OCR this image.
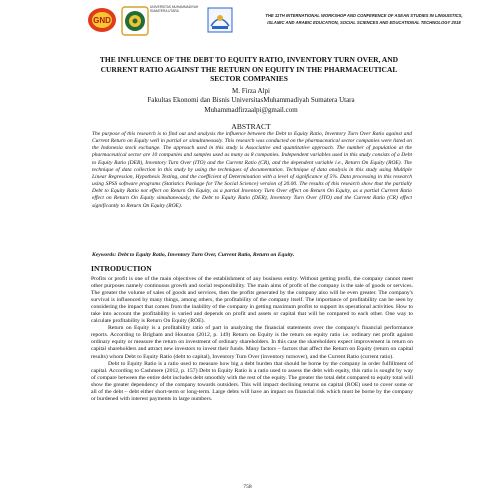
GND
UNIVERSITAS MUHAMMADIYAH SUMATERA UTARA
THE 11TH INTERNATIONAL WORKSHOP AND CONFERENCE OF ASEAN STUDIES IN LINGUISTICS,
ISLAMIC AND ARABIC EDUCATION, SOCIAL SCIENCES AND EDUCATIONAL TECHNOLOGY 2018
THE INFLUENCE OF THE DEBT TO EQUITY RATIO, INVENTORY TURN OVER, AND CURRENT RATIO AGAINST THE RETURN ON EQUITY IN THE PHARMACEUTICAL SECTOR COMPANIES
M. Firza Alpi
Fakultas Ekonomi dan Bisnis UniversitasMuhammadiyah Sumatera Utara
Muhammadfirzaalpi@gmail.com
ABSTRACT
The purpose of this research is to find out and analysis the influence between the Debt to Equity Ratio, Inventory Turn Over Ratio against and Current Return on Equity well in partial or simultaneously. This research was conducted on the pharmaceutical sector companies were listed on the Indonesia stock exchange. The approach used in this study is Associative and quantitative approach. The number of population at the pharmaceutical sector are 10 companies and samples used as many as 8 companies. Independent variables used in this study consists of a Debt to Equity Ratio (DER), Inventory Turn Over (ITO) and the Current Ratio (CR), and the dependent variable i.e., Return On Equity (ROE). The technique of data collection in this study by using the techniques of documentation. Technique of data analysis in this study using Multiple Linear Regression, Hypothesis Testing, and the coefficient of Determination with a level of significance of 5%. Data processing in this research using SPSS software programs (Statistics Package for The Social Science) version of 20.00. The results of this research show that the partially Debt to Equity Ratio not effect on Return On Equity, as a partial Inventory Turn Over effect on Return On Equity, as a partial Current Ratio effect on Return On Equity simultaneously, the Debt to Equity Ratio (DER), Inventory Turn Over (ITO) and the Current Ratio (CR) effect significantly to Return On Equity (ROE).
Keywords: Debt to Equity Ratio, Inventory Turn Over, Current Ratio, Return on Equity.
INTRODUCTION

Profits or profit is one of the main objectives of the establishment of any business entity. Without getting profit, the company cannot meet other purposes namely continuous growth and social responsibility. The main aims of profit of the company is the sale of goods or services. The greater the volume of sales of goods and services, then the profits generated by the company also will be even greater. The company's survival is influenced by many things, among others, the profitability of the company itself. The importance of profitability can be seen by considering the impact that comes from the inability of the company in getting maximum profits to support its operational activities. How to take into account the profitability is varied and depends on profit and assets or capital that will be compared to each other. One way to calculate profitability is Return On Equity (ROE).

Return on Equity is a profitability ratio of part in analyzing the financial statements over the company's financial performance reports. According to Brigham and Houston (2012, p. 149) Return on Equity is the return on equity ratio i.e. ordinary net profit against ordinary equity or measure the return on investment of ordinary shareholders. In this case the shareholders expect improvement in return on capital shareholders and attract new investors to invest their funds. Many factors – factors that affect the Return on Equity (return on capital results) whom Debt to Equity Ratio (debt to capital), Inventory Turn Over (inventory turnover), and the Current Ratio (current ratio).

Debt to Equity Ratio is a ratio used to measure how big a debt burden that should be borne by the company in order fulfillment of capital. According to Cashmere (2012, p. 157) Debt to Equity Ratio is a ratio used to assess the debt with equity, this ratio is sought by way of compare between the entire debt includes debt smoothly with the rest of the equity. The greater the total debt compared to equity total will show the greater dependency of the company towards outsiders. This will impact declining returns on capital (ROE) used to cover some or all of the debt – debt either short-term or long-term. Large debts will have an impact on financial risk which must be borne by the company or burdened with interest payments in large numbers.

758
